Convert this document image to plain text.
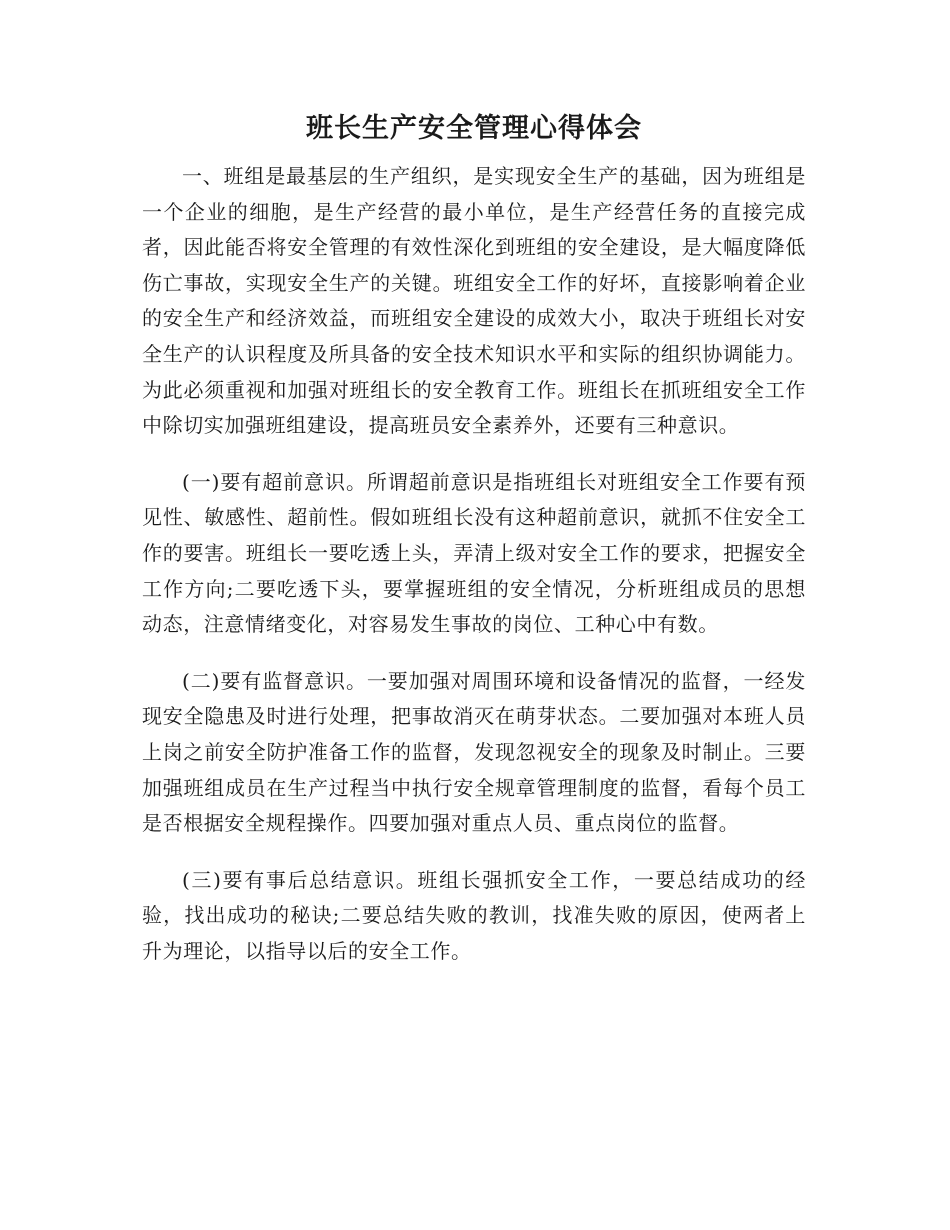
班长生产安全管理心得体会

一、班组是最基层的生产组织，是实现安全生产的基础，因为班组是一个企业的细胞，是生产经营的最小单位，是生产经营任务的直接完成者，因此能否将安全管理的有效性深化到班组的安全建设，是大幅度降低伤亡事故，实现安全生产的关键。班组安全工作的好坏，直接影响着企业的安全生产和经济效益，而班组安全建设的成效大小，取决于班组长对安全生产的认识程度及所具备的安全技术知识水平和实际的组织协调能力。为此必须重视和加强对班组长的安全教育工作。班组长在抓班组安全工作中除切实加强班组建设，提高班员安全素养外，还要有三种意识。

(一)要有超前意识。所谓超前意识是指班组长对班组安全工作要有预见性、敏感性、超前性。假如班组长没有这种超前意识，就抓不住安全工作的要害。班组长一要吃透上头，弄清上级对安全工作的要求，把握安全工作方向;二要吃透下头，要掌握班组的安全情况，分析班组成员的思想动态，注意情绪变化，对容易发生事故的岗位、工种心中有数。

(二)要有监督意识。一要加强对周围环境和设备情况的监督，一经发现安全隐患及时进行处理，把事故消灭在萌芽状态。二要加强对本班人员上岗之前安全防护准备工作的监督，发现忽视安全的现象及时制止。三要加强班组成员在生产过程当中执行安全规章管理制度的监督，看每个员工是否根据安全规程操作。四要加强对重点人员、重点岗位的监督。

(三)要有事后总结意识。班组长强抓安全工作，一要总结成功的经验，找出成功的秘诀;二要总结失败的教训，找准失败的原因，使两者上升为理论，以指导以后的安全工作。
